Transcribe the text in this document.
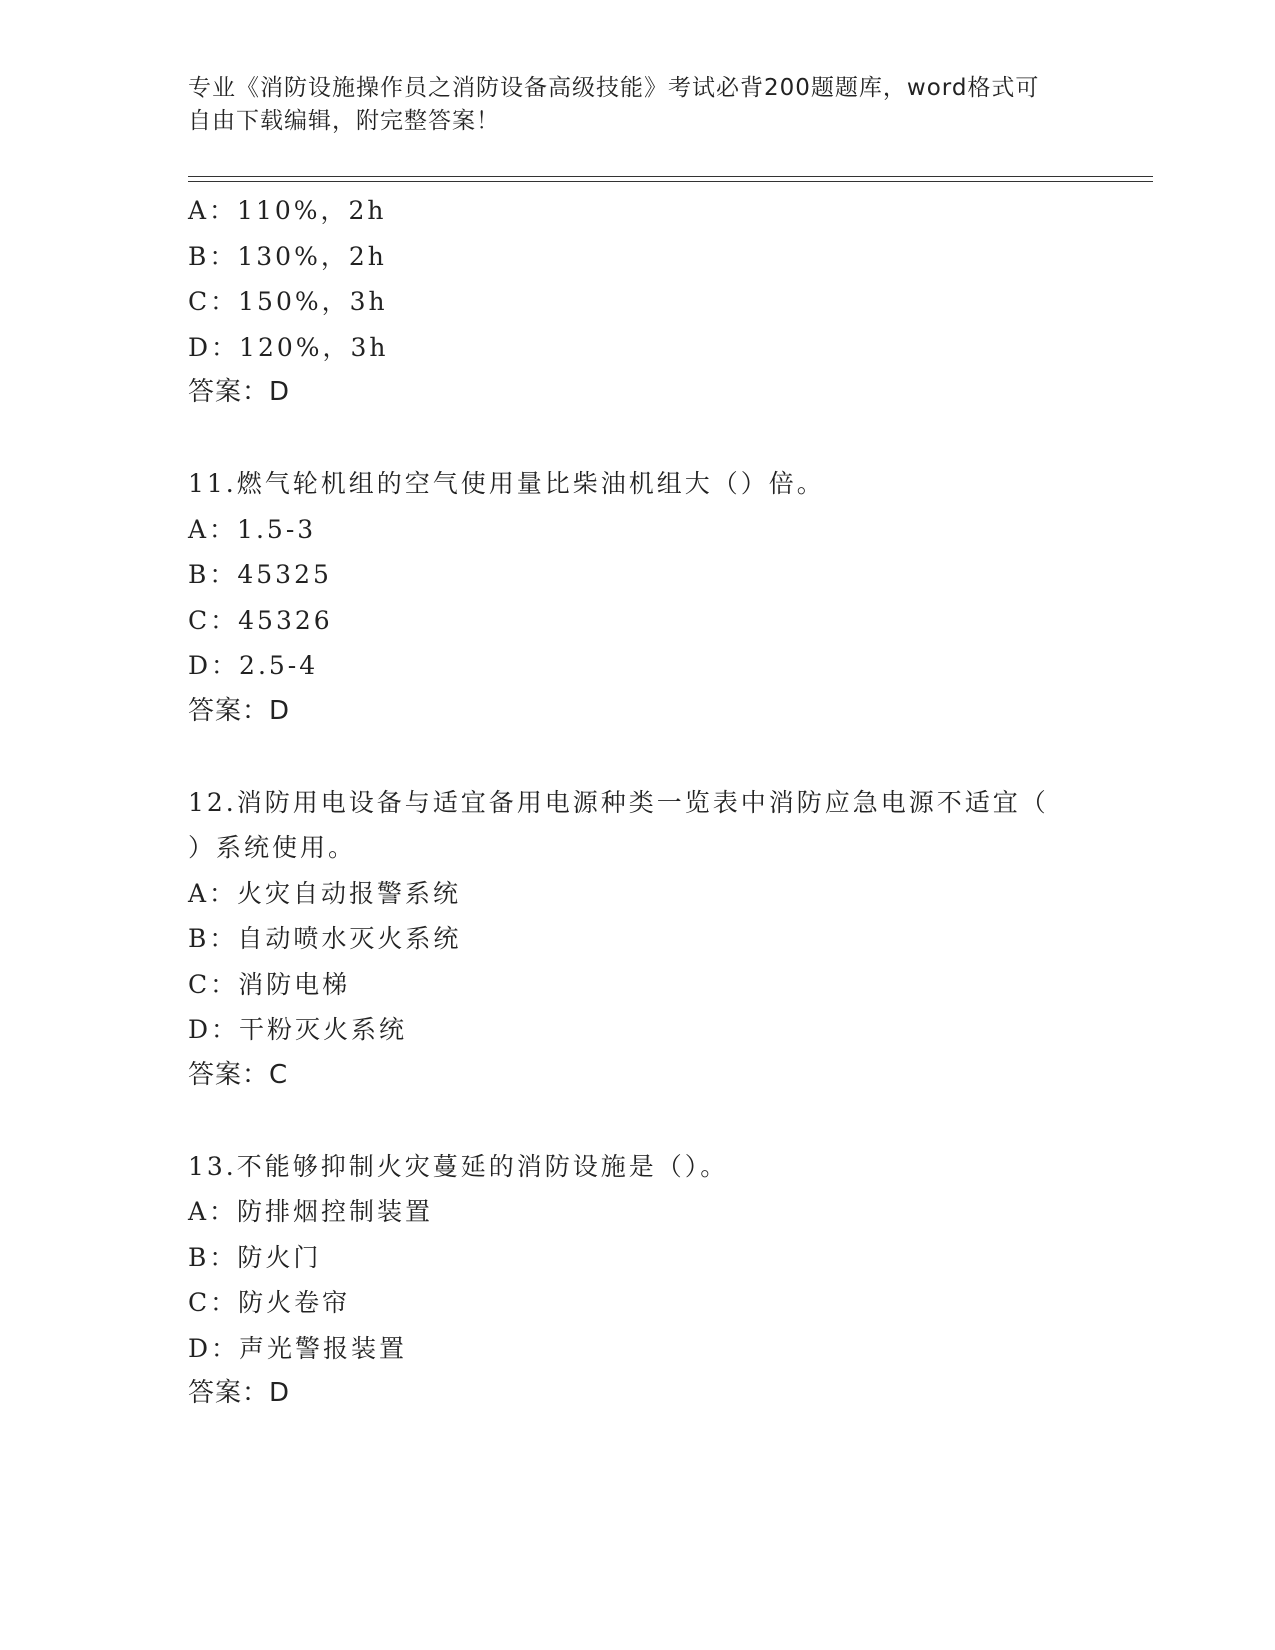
专业《消防设施操作员之消防设备高级技能》考试必背200题题库，word格式可
自由下载编辑，附完整答案！
A：110%，2h
B：130%，2h
C：150%，3h
D：120%，3h
答案：D
11.燃气轮机组的空气使用量比柴油机组大（）倍。
A：1.5-3
B：45325
C：45326
D：2.5-4
答案：D
12.消防用电设备与适宜备用电源种类一览表中消防应急电源不适宜（
）系统使用。
A：火灾自动报警系统
B：自动喷水灭火系统
C：消防电梯
D：干粉灭火系统
答案：C
13.不能够抑制火灾蔓延的消防设施是（）。
A：防排烟控制装置
B：防火门
C：防火卷帘
D：声光警报装置
答案：D
